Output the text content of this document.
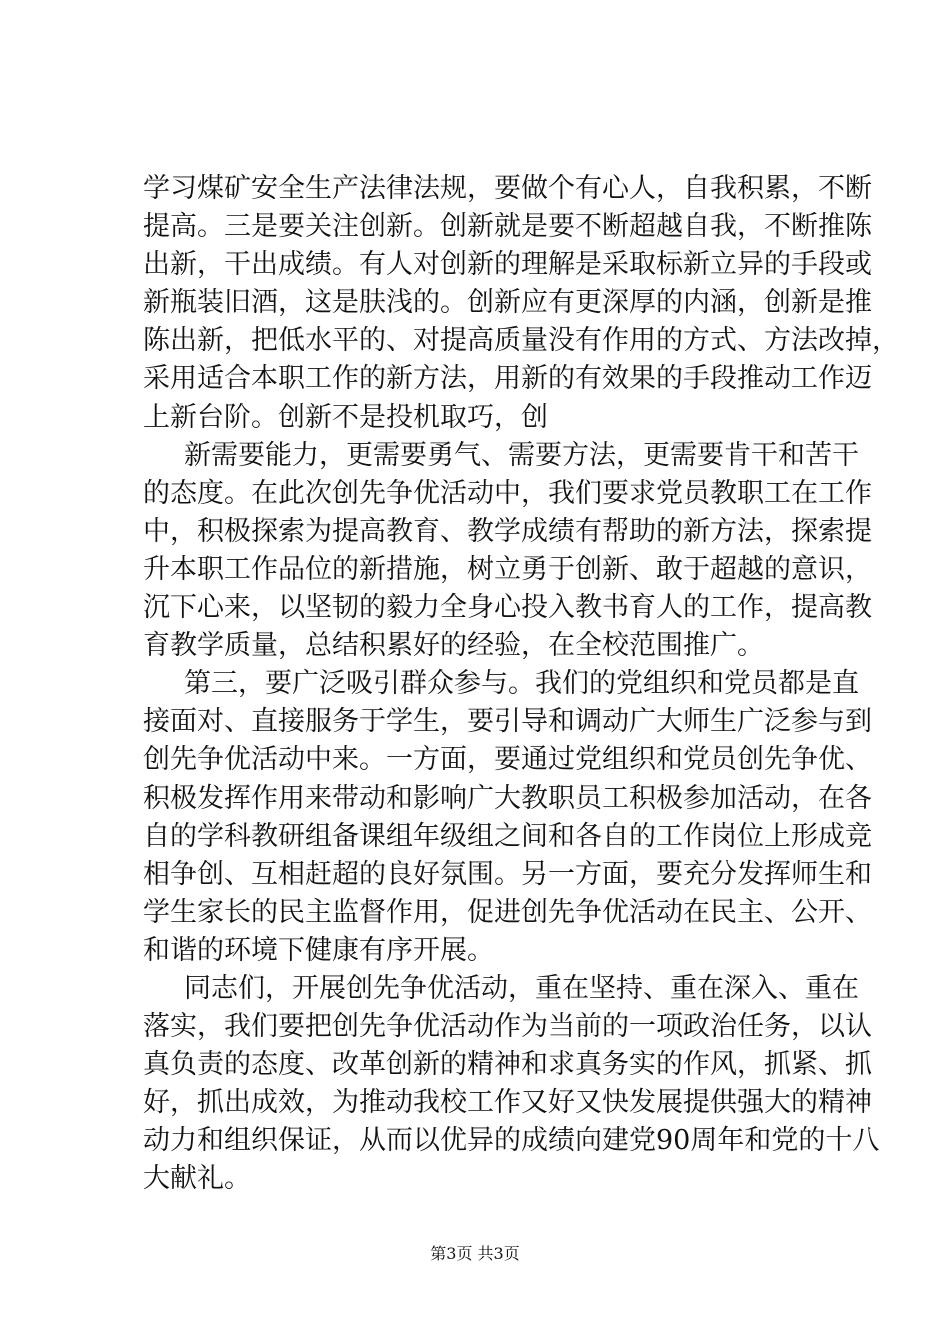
学习煤矿安全生产法律法规，要做个有心人，自我积累，不断
提高。三是要关注创新。创新就是要不断超越自我，不断推陈
出新，干出成绩。有人对创新的理解是采取标新立异的手段或
新瓶装旧酒，这是肤浅的。创新应有更深厚的内涵，创新是推
陈出新，把低水平的、对提高质量没有作用的方式、方法改掉，
采用适合本职工作的新方法，用新的有效果的手段推动工作迈
上新台阶。创新不是投机取巧，创
新需要能力，更需要勇气、需要方法，更需要肯干和苦干
的态度。在此次创先争优活动中，我们要求党员教职工在工作
中，积极探索为提高教育、教学成绩有帮助的新方法，探索提
升本职工作品位的新措施，树立勇于创新、敢于超越的意识，
沉下心来，以坚韧的毅力全身心投入教书育人的工作，提高教
育教学质量，总结积累好的经验，在全校范围推广。
第三，要广泛吸引群众参与。我们的党组织和党员都是直
接面对、直接服务于学生，要引导和调动广大师生广泛参与到
创先争优活动中来。一方面，要通过党组织和党员创先争优、
积极发挥作用来带动和影响广大教职员工积极参加活动，在各
自的学科教研组备课组年级组之间和各自的工作岗位上形成竞
相争创、互相赶超的良好氛围。另一方面，要充分发挥师生和
学生家长的民主监督作用，促进创先争优活动在民主、公开、
和谐的环境下健康有序开展。
同志们，开展创先争优活动，重在坚持、重在深入、重在
落实，我们要把创先争优活动作为当前的一项政治任务，以认
真负责的态度、改革创新的精神和求真务实的作风，抓紧、抓
好，抓出成效，为推动我校工作又好又快发展提供强大的精神
动力和组织保证，从而以优异的成绩向建党90周年和党的十八
大献礼。
第3页 共3页
